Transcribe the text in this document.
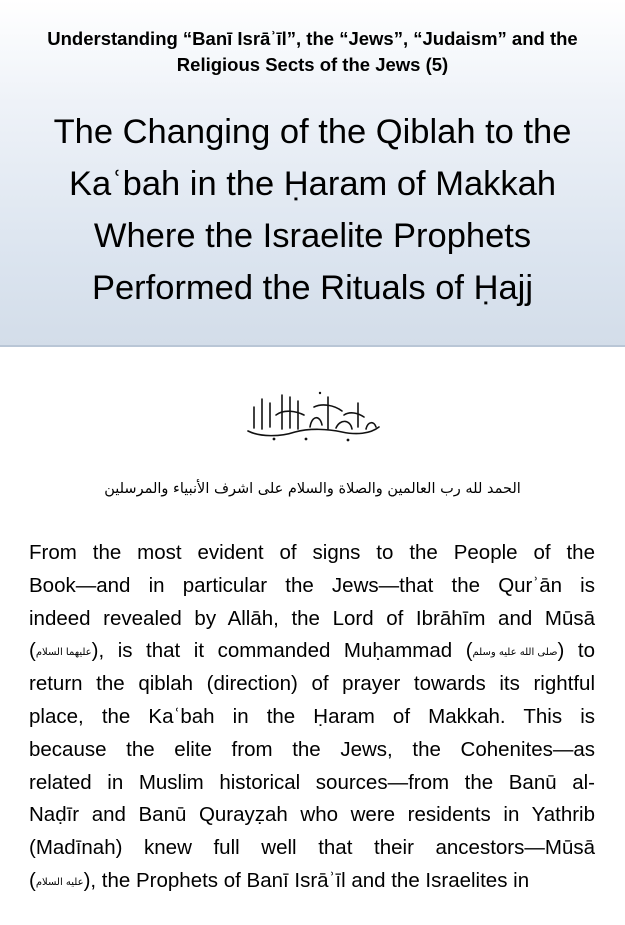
Understanding “Banī Isrāʾīl”, the “Jews”, “Judaism” and the
Religious Sects of the Jews (5)
The Changing of the Qiblah to the
Kaʿbah in the Ḥaram of Makkah
Where the Israelite Prophets
Performed the Rituals of Ḥajj
الحمد لله رب العالمين والصلاة والسلام على اشرف الأنبياء والمرسلين
From the most evident of signs to the People of the
Book—and in particular the Jews—that the Qurʾān is
indeed revealed by Allāh, the Lord of Ibrāhīm and Mūsā
(عليهما السلام), is that it commanded Muḥammad (صلى الله عليه وسلم) to
return the qiblah (direction) of prayer towards its rightful
place, the Kaʿbah in the Ḥaram of Makkah. This is
because the elite from the Jews, the Cohenites—as
related in Muslim historical sources—from the Banū al-
Naḍīr and Banū Qurayẓah who were residents in Yathrib
(Madīnah) knew full well that their ancestors—Mūsā
(عليه السلام), the Prophets of Banī Isrāʾīl and the Israelites in
